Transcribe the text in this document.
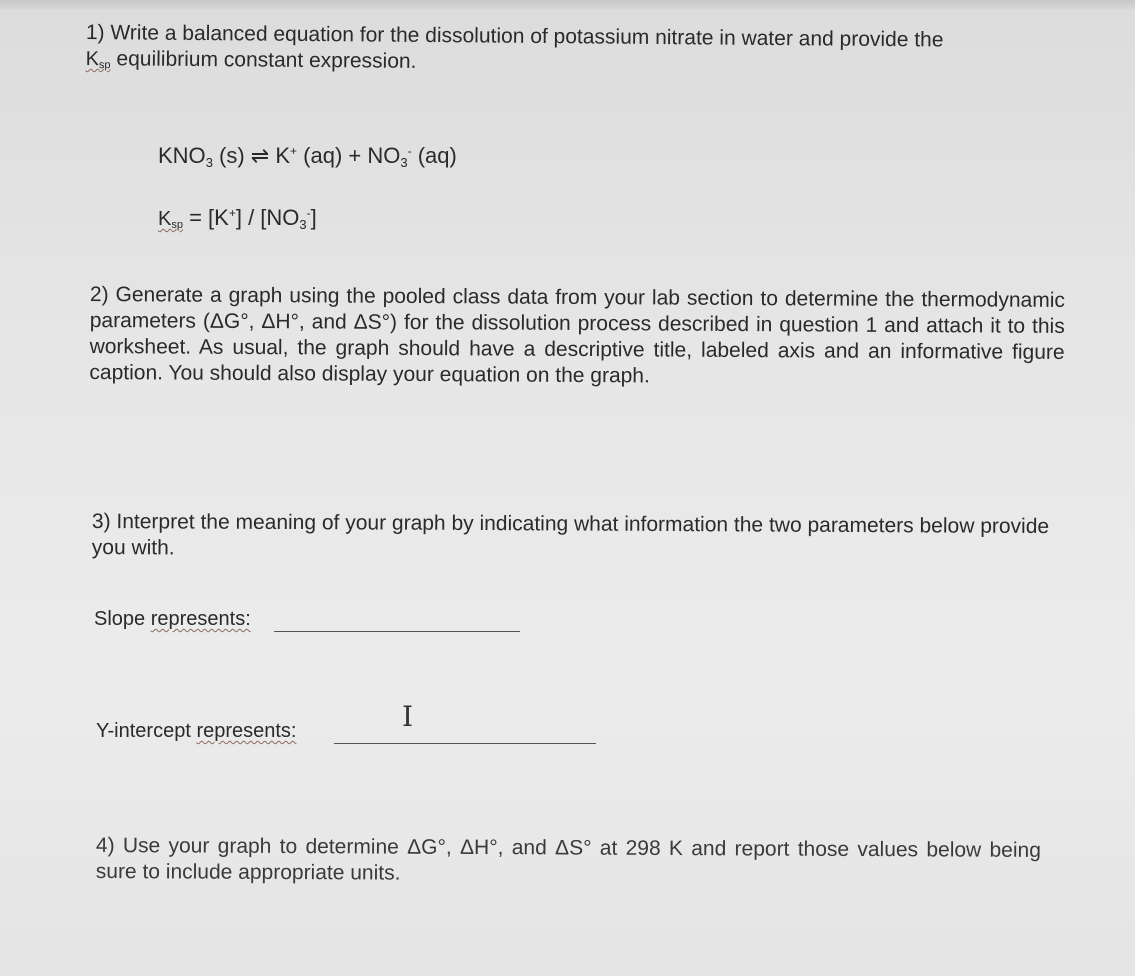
1) Write a balanced equation for the dissolution of potassium nitrate in water and provide the
$K_{sp}$ equilibrium constant expression.
$KNO_3$ (s) ⇌ K+ $(aq) + NO_3^-$ (aq)
$K_{sp} = [K^+] / [NO_3^-]$
2) Generate a graph using the pooled class data from your lab section to determine the thermodynamic parameters (ΔG°, ΔH°, and ΔS°) for the dissolution process described in question 1 and attach it to this worksheet. As usual, the graph should have a descriptive title, labeled axis and an informative figure caption. You should also display your equation on the graph.
3) Interpret the meaning of your graph by indicating what information the two parameters below provide you with.
Slope represents:
Y-intercept represents:	I
4) Use your graph to determine ΔG°, ΔH°, and ΔS° at 298 K and report those values below being sure to include appropriate units.
